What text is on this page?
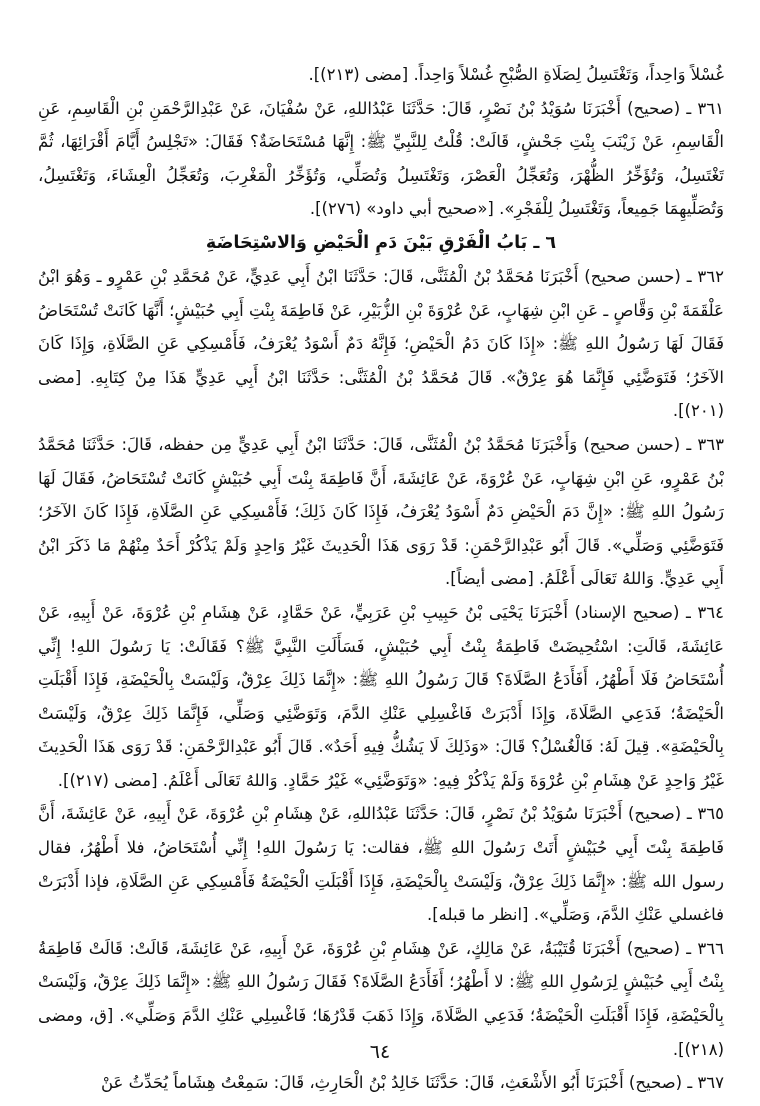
غُسْلاً وَاحِداً، وَتَغْتَسِلُ لِصَلَاةِ الصُّبْحِ غُسْلاً وَاحِداً. [مضى (٢١٣)].

٣٦١ ـ (صحيح) أَخْبَرَنَا سُوَيْدُ بْنُ نَصْرٍ، قَالَ: حَدَّثَنَا عَبْدُاللهِ، عَنْ سُفْيَانَ، عَنْ عَبْدِالرَّحْمَنِ بْنِ الْقَاسِمِ، عَنِ الْقَاسِمِ، عَنْ زَيْنَبَ بِنْتِ جَحْشٍ، قَالَتْ: قُلْتُ لِلنَّبِيِّ ﷺ: إِنَّهَا مُسْتَحَاضَةٌ؟ فَقَالَ: «تَجْلِسُ أَيَّامَ أَقْرَائِهَا، ثُمَّ تَغْتَسِلُ، وَتُؤَخِّرُ الظُّهْرَ، وَتُعَجِّلُ الْعَصْرَ، وَتَغْتَسِلُ وَتُصَلِّي، وَتُؤَخِّرُ الْمَغْرِبَ، وَتُعَجِّلُ الْعِشَاءَ، وَتَغْتَسِلُ، وَتُصَلِّيهِمَا جَمِيعاً، وَتَغْتَسِلُ لِلْفَجْرِ». [«صحيح أبي داود» (٢٧٦)].

٦ ـ بَابُ الْفَرْقِ بَيْنَ دَمِ الْحَيْضِ وَالاسْتِحَاضَةِ

٣٦٢ ـ (حسن صحيح) أَخْبَرَنَا مُحَمَّدُ بْنُ الْمُثَنَّى، قَالَ: حَدَّثَنَا ابْنُ أَبِي عَدِيٍّ، عَنْ مُحَمَّدِ بْنِ عَمْرٍو ـ وَهُوَ ابْنُ عَلْقَمَةَ بْنِ وَقَّاصٍ ـ عَنِ ابْنِ شِهَابٍ، عَنْ عُرْوَةَ بْنِ الزُّبَيْرِ، عَنْ فَاطِمَةَ بِنْتِ أَبِي حُبَيْشٍ؛ أَنَّهَا كَانَتْ تُسْتَحَاضُ فَقَالَ لَهَا رَسُولُ اللهِ ﷺ: «إِذَا كَانَ دَمُ الْحَيْضِ؛ فَإِنَّهُ دَمٌ أَسْوَدُ يُعْرَفُ، فَأَمْسِكِي عَنِ الصَّلَاةِ، وَإِذَا كَانَ الآخَرُ؛ فَتَوَضَّئِي فَإِنَّمَا هُوَ عِرْقٌ». قَالَ مُحَمَّدُ بْنُ الْمُثَنَّى: حَدَّثَنَا ابْنُ أَبِي عَدِيٍّ هَذَا مِنْ كِتَابِهِ. [مضى (٢٠١)].

٣٦٣ ـ (حسن صحيح) وَأَخْبَرَنَا مُحَمَّدُ بْنُ الْمُثَنَّى، قَالَ: حَدَّثَنَا ابْنُ أَبِي عَدِيٍّ مِن حفظه، قَالَ: حَدَّثَنَا مُحَمَّدُ بْنُ عَمْرٍو، عَنِ ابْنِ شِهَابٍ، عَنْ عُرْوَةَ، عَنْ عَائِشَةَ، أَنَّ فَاطِمَةَ بِنْتَ أَبِي حُبَيْشٍ كَانَتْ تُسْتَحَاضُ، فَقَالَ لَهَا رَسُولُ اللهِ ﷺ: «إِنَّ دَمَ الْحَيْضِ دَمٌ أَسْوَدُ يُعْرَفُ، فَإِذَا كَانَ ذَلِكَ؛ فَأَمْسِكِي عَنِ الصَّلَاةِ، فَإِذَا كَانَ الآخَرُ؛ فَتَوَضَّئِي وَصَلِّي». قَالَ أَبُو عَبْدِالرَّحْمَنِ: قَدْ رَوَى هَذَا الْحَدِيثَ غَيْرُ وَاحِدٍ وَلَمْ يَذْكُرْ أَحَدٌ مِنْهُمْ مَا ذَكَرَ ابْنُ أَبِي عَدِيٍّ. وَاللهُ تَعَالَى أَعْلَمُ. [مضى أيضاً].

٣٦٤ ـ (صحيح الإسناد) أَخْبَرَنَا يَحْيَى بْنُ حَبِيبِ بْنِ عَرَبِيٍّ، عَنْ حَمَّادٍ، عَنْ هِشَامِ بْنِ عُرْوَةَ، عَنْ أَبِيهِ، عَنْ عَائِشَةَ، قَالَتِ: اسْتُحِيضَتْ فَاطِمَةُ بِنْتُ أَبِي حُبَيْشٍ، فَسَأَلَتِ النَّبِيَّ ﷺ؟ فَقَالَتْ: يَا رَسُولَ اللهِ! إِنِّي أُسْتَحَاضُ فَلَا أَطْهُرُ، أَفَأَدَعُ الصَّلَاةَ؟ قَالَ رَسُولُ اللهِ ﷺ: «إِنَّمَا ذَلِكَ عِرْقٌ، وَلَيْسَتْ بِالْحَيْضَةِ، فَإِذَا أَقْبَلَتِ الْحَيْضَةُ؛ فَدَعِي الصَّلَاةَ، وَإِذَا أَدْبَرَتْ فَاغْسِلِي عَنْكِ الدَّمَ، وَتَوَضَّئِي وَصَلِّي، فَإِنَّمَا ذَلِكَ عِرْقٌ، وَلَيْسَتْ بِالْحَيْضَةِ». قِيلَ لَهُ: فَالْغُسْلُ؟ قَالَ: «وَذَلِكَ لَا يَشُكُّ فِيهِ أَحَدٌ». قَالَ أَبُو عَبْدِالرَّحْمَنِ: قَدْ رَوَى هَذَا الْحَدِيثَ غَيْرُ وَاحِدٍ عَنْ هِشَامِ بْنِ عُرْوَةَ وَلَمْ يَذْكُرْ فِيهِ: «وَتَوَضَّئِي» غَيْرُ حَمَّادٍ. وَاللهُ تَعَالَى أَعْلَمُ. [مضى (٢١٧)].

٣٦٥ ـ (صحيح) أَخْبَرَنَا سُوَيْدُ بْنُ نَصْرٍ، قَالَ: حَدَّثَنَا عَبْدُاللهِ، عَنْ هِشَامِ بْنِ عُرْوَةَ، عَنْ أَبِيهِ، عَنْ عَائِشَةَ، أَنَّ فَاطِمَةَ بِنْتَ أَبِي حُبَيْشٍ أَتَتْ رَسُولَ اللهِ ﷺ، فقالت: يَا رَسُولَ اللهِ! إِنِّي أُسْتَحَاضُ، فلا أَطْهُرُ، فقال رسول الله ﷺ: «إِنَّمَا ذَلِكَ عِرْقٌ، وَلَيْسَتْ بِالْحَيْضَةِ، فَإِذَا أَقْبَلَتِ الْحَيْضَةُ فَأَمْسِكِي عَنِ الصَّلَاةِ، فإذا أَدْبَرَتْ فاغسلي عَنْكِ الدَّمَ، وَصَلِّي». [انظر ما قبله].

٣٦٦ ـ (صحيح) أَخْبَرَنَا قُتَيْبَةُ، عَنْ مَالِكٍ، عَنْ هِشَامِ بْنِ عُرْوَةَ، عَنْ أَبِيهِ، عَنْ عَائِشَةَ، قَالَتْ: قَالَتْ فَاطِمَةُ بِنْتُ أَبِي حُبَيْشٍ لِرَسُولِ اللهِ ﷺ: لا أَطْهُرُ؛ أَفَأَدَعُ الصَّلَاةَ؟ فَقَالَ رَسُولُ اللهِ ﷺ: «إِنَّمَا ذَلِكَ عِرْقٌ، وَلَيْسَتْ بِالْحَيْضَةِ، فَإِذَا أَقْبَلَتِ الْحَيْضَةُ؛ فَدَعِي الصَّلَاةَ، وَإِذَا ذَهَبَ قَدْرُهَا؛ فَاغْسِلِي عَنْكِ الدَّمَ وَصَلِّي». [ق، ومضى (٢١٨)].

٣٦٧ ـ (صحيح) أَخْبَرَنَا أَبُو الأَشْعَثِ، قَالَ: حَدَّثَنَا خَالِدُ بْنُ الْحَارِثِ، قَالَ: سَمِعْتُ هِشَاماً يُحَدِّثُ عَنْ

٦٤
